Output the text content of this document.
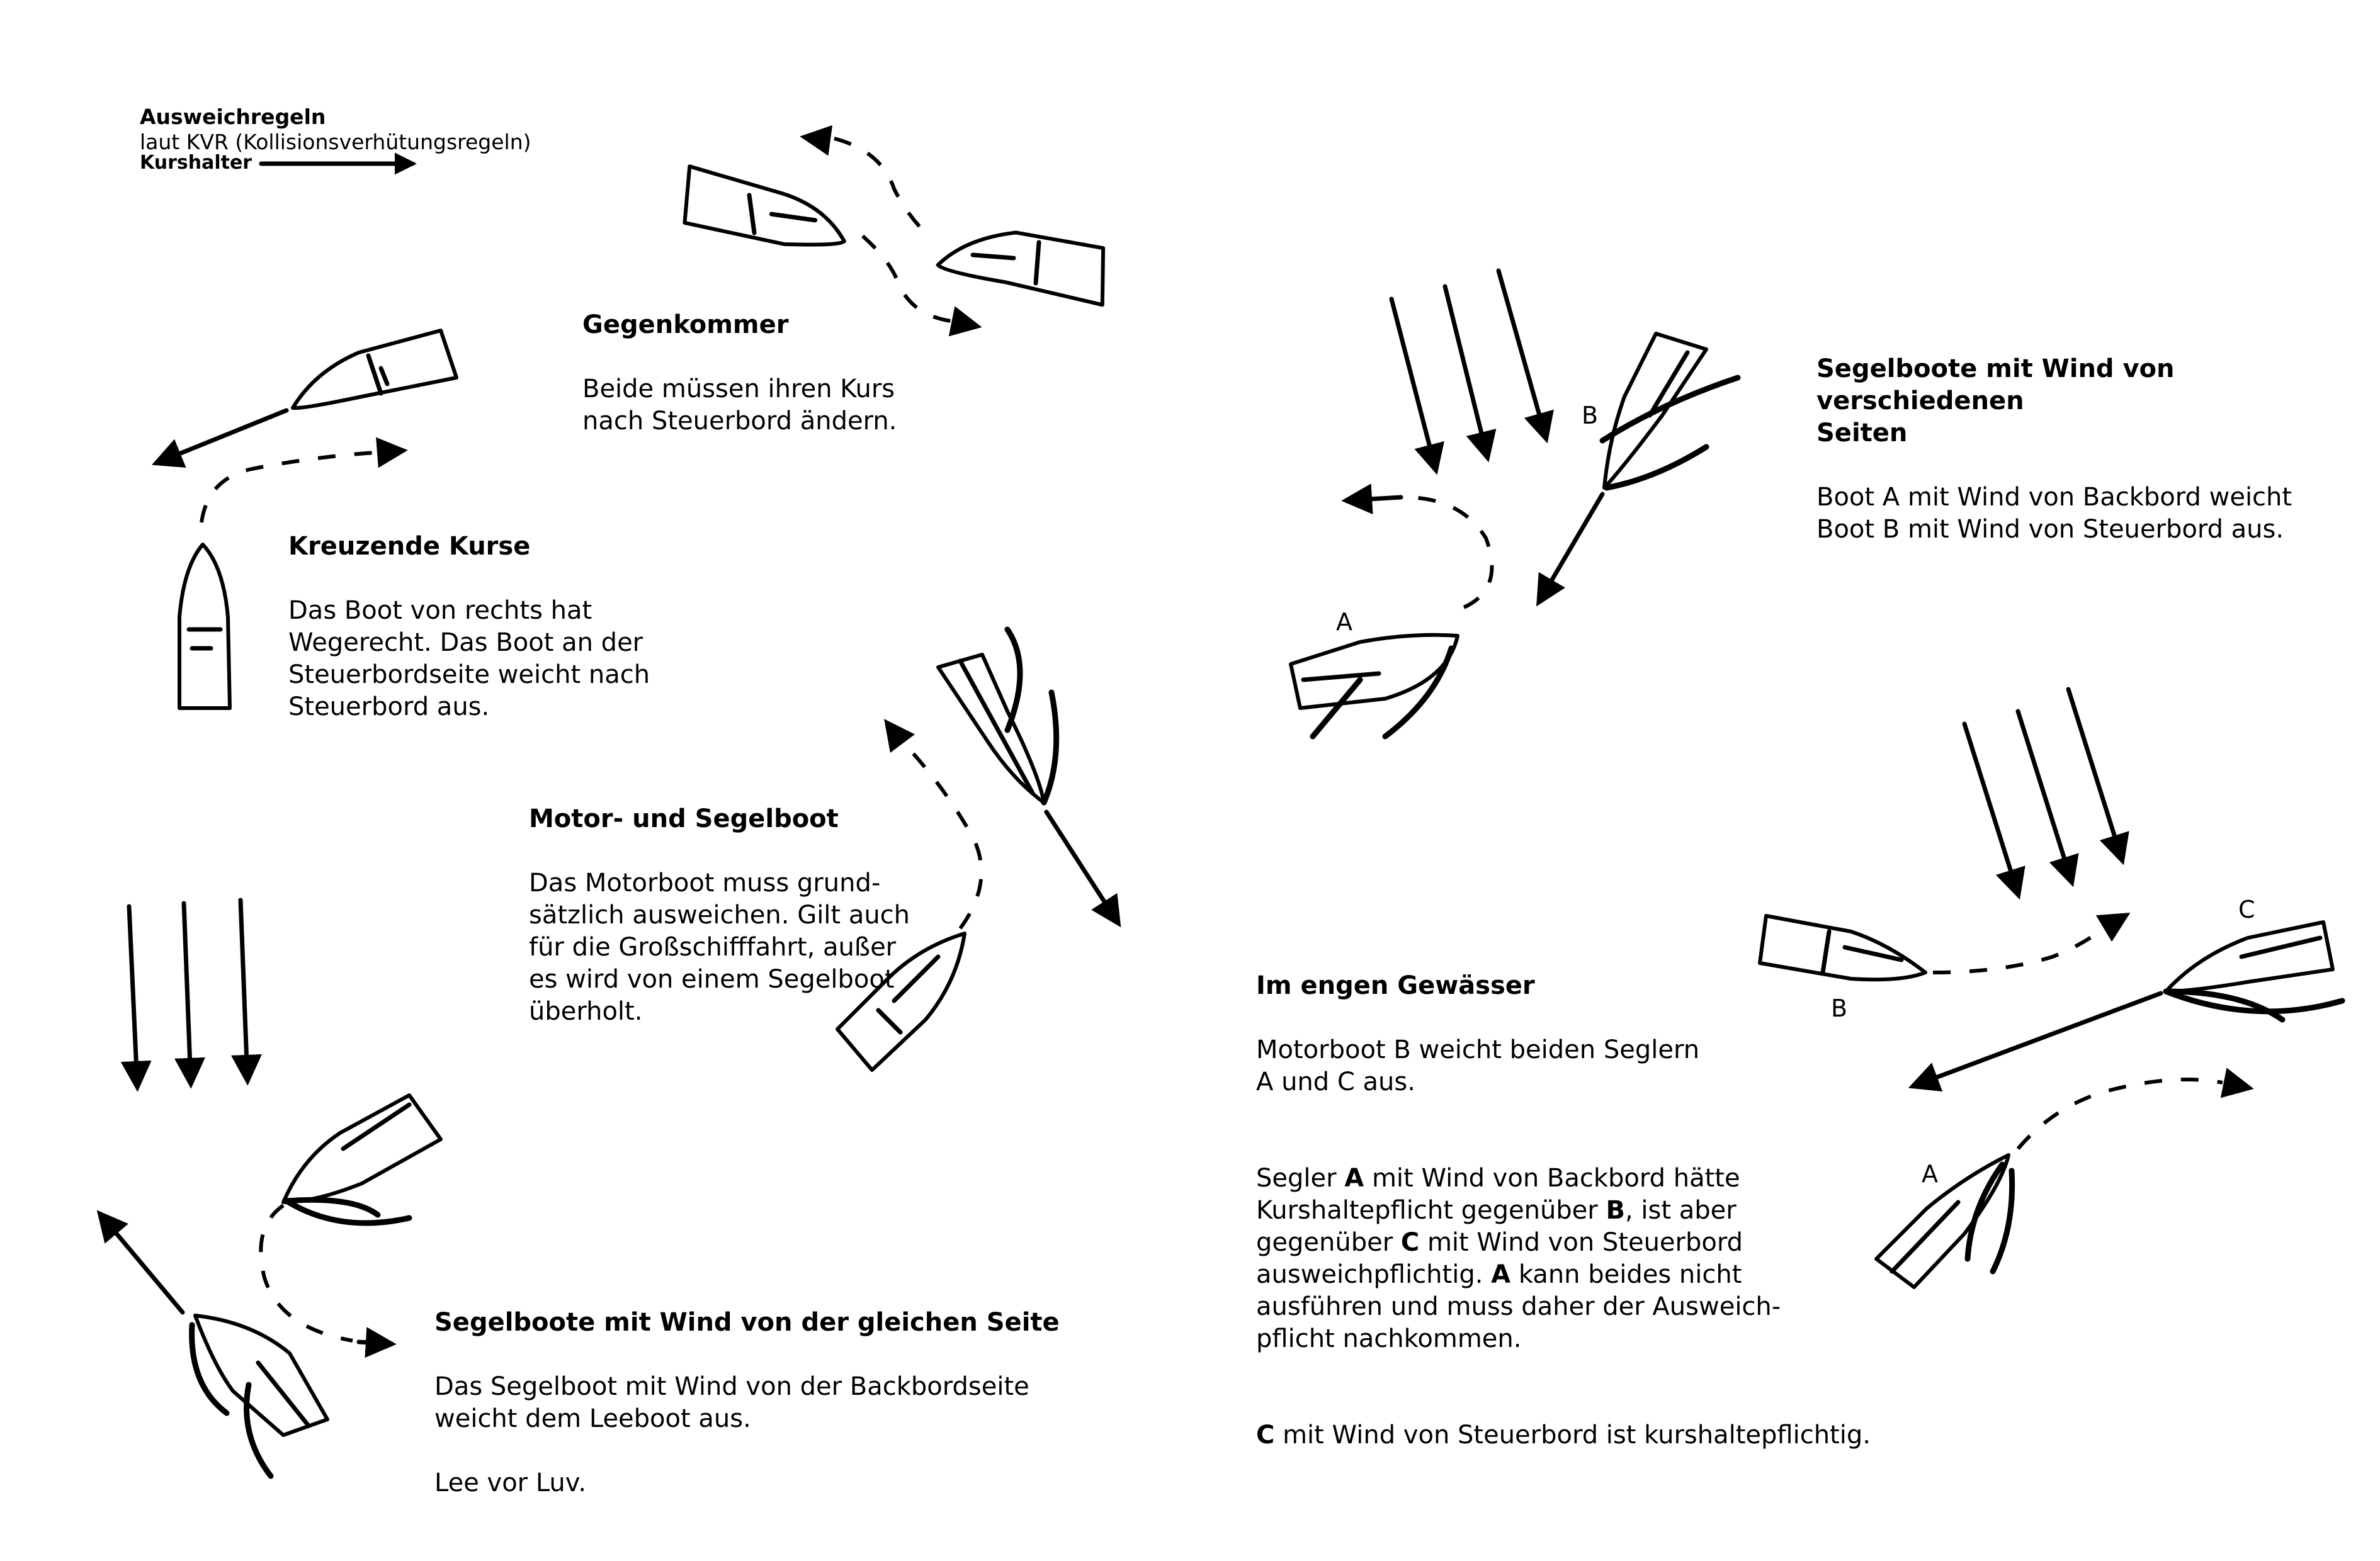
Ausweichregeln
laut KVR (Kollisionsverhütungsregeln)

Kurshalter

Gegenkommer

Beide müssen ihren Kurs
nach Steuerbord ändern.

Kreuzende Kurse

Das Boot von rechts hat
Wegerecht. Das Boot an der
Steuerbordseite weicht nach
Steuerbord aus.

Motor- und Segelboot

Das Motorboot muss grund-
sätzlich ausweichen. Gilt auch
für die Großschifffahrt, außer
es wird von einem Segelboot
überholt.

Segelboote mit Wind von der gleichen Seite

Das Segelboot mit Wind von der Backbordseite
weicht dem Leeboot aus.

Lee vor Luv.

Segelboote mit Wind von verschiedenen
Seiten

Boot A mit Wind von Backbord weicht
Boot B mit Wind von Steuerbord aus.

Im engen Gewässer

Motorboot B weicht beiden Seglern
A und C aus.

Segler A mit Wind von Backbord hätte
Kurshaltepflicht gegenüber B, ist aber
gegenüber C mit Wind von Steuerbord
ausweichpflichtig. A kann beides nicht
ausführen und muss daher der Ausweich-
pflicht nachkommen.

C mit Wind von Steuerbord ist kurshaltepflichtig.

B
A
C
B
A
